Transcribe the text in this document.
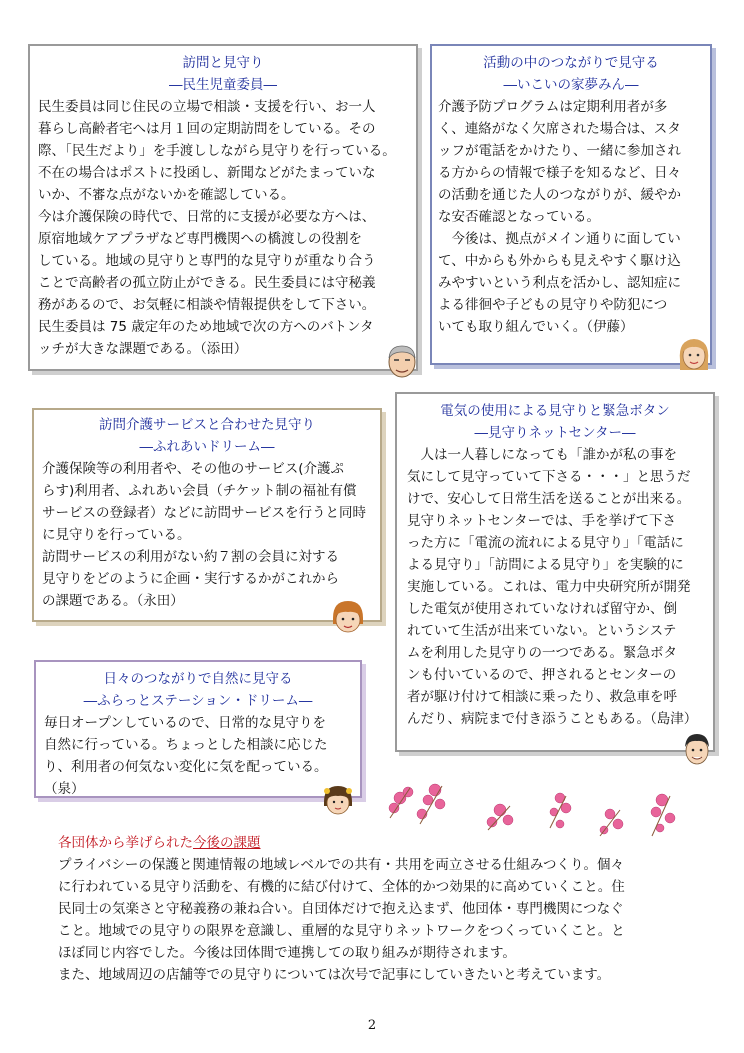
訪問と見守り
―民生児童委員―

民生委員は同じ住民の立場で相談・支援を行い、お一人

暮らし高齢者宅へは月１回の定期訪問をしている。その

際、「民生だより」を手渡ししながら見守りを行っている。

不在の場合はポストに投函し、新聞などがたまっていな

いか、不審な点がないかを確認している。

今は介護保険の時代で、日常的に支援が必要な方へは、

原宿地域ケアプラザなど専門機関への橋渡しの役割を

している。地域の見守りと専門的な見守りが重なり合う

ことで高齢者の孤立防止ができる。民生委員には守秘義

務があるので、お気軽に相談や情報提供をして下さい。

民生委員は 75 歳定年のため地域で次の方へのバトンタ

ッチが大きな課題である。（添田）

活動の中のつながりで見守る
―いこいの家夢みん―

介護予防プログラムは定期利用者が多

く、連絡がなく欠席された場合は、スタ

ッフが電話をかけたり、一緒に参加され

る方からの情報で様子を知るなど、日々

の活動を通じた人のつながりが、緩やか

な安否確認となっている。

　今後は、拠点がメイン通りに面してい

て、中からも外からも見えやすく駆け込

みやすいという利点を活かし、認知症に

よる徘徊や子どもの見守りや防犯につ

いても取り組んでいく。（伊藤）

電気の使用による見守りと緊急ボタン
―見守りネットセンター―

　人は一人暮しになっても「誰かが私の事を

気にして見守っていて下さる・・・」と思うだ

けで、安心して日常生活を送ることが出来る。

見守りネットセンターでは、手を挙げて下さ

った方に「電流の流れによる見守り」「電話に

よる見守り」「訪問による見守り」を実験的に

実施している。これは、電力中央研究所が開発

した電気が使用されていなければ留守か、倒

れていて生活が出来ていない。というシステ

ムを利用した見守りの一つである。緊急ボタ

ンも付いているので、押されるとセンターの

者が駆け付けて相談に乗ったり、救急車を呼

んだり、病院まで付き添うこともある。（島津）

訪問介護サービスと合わせた見守り
―ふれあいドリーム―

介護保険等の利用者や、その他のサービス(介護ぷ

らす)利用者、ふれあい会員（チケット制の福祉有償

サービスの登録者）などに訪問サービスを行うと同時

に見守りを行っている。

訪問サービスの利用がない約７割の会員に対する

見守りをどのように企画・実行するかがこれから

の課題である。（永田）

日々のつながりで自然に見守る
―ふらっとステーション・ドリーム―

毎日オープンしているので、日常的な見守りを

自然に行っている。ちょっとした相談に応じた

り、利用者の何気ない変化に気を配っている。

（泉）

各団体から挙げられた今後の課題

プライバシーの保護と関連情報の地域レベルでの共有・共用を両立させる仕組みつくり。個々

に行われている見守り活動を、有機的に結び付けて、全体的かつ効果的に高めていくこと。住

民同士の気楽さと守秘義務の兼ね合い。自団体だけで抱え込まず、他団体・専門機関につなぐ

こと。地域での見守りの限界を意識し、重層的な見守りネットワークをつくっていくこと。と

ほぼ同じ内容でした。今後は団体間で連携しての取り組みが期待されます。

また、地域周辺の店舗等での見守りについては次号で記事にしていきたいと考えています。

2
